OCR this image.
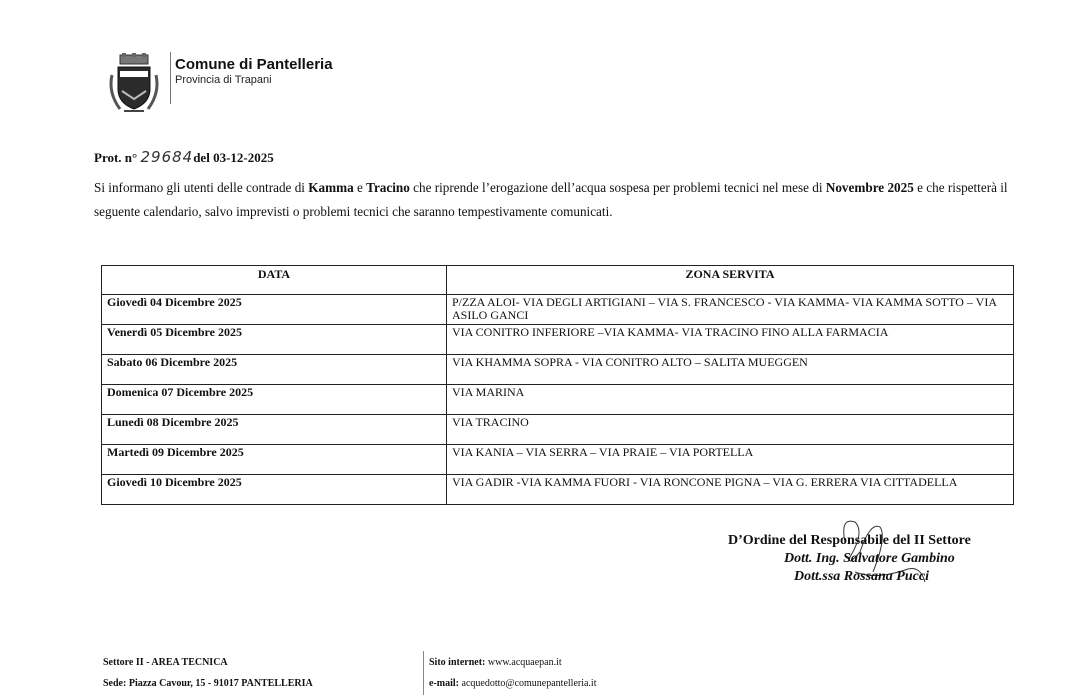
Comune di Pantelleria
Provincia di Trapani
Prot. n° 29684del 03-12-2025
Si informano gli utenti delle contrade di Kamma e Tracino che riprende l’erogazione dell’acqua sospesa per problemi tecnici nel mese di Novembre 2025 e che rispetterà il seguente calendario, salvo imprevisti o problemi tecnici che saranno tempestivamente comunicati.
DATA	ZONA SERVITA
Giovedì 04 Dicembre 2025	P/ZZA ALOI- VIA DEGLI ARTIGIANI – VIA S. FRANCESCO - VIA KAMMA- VIA KAMMA SOTTO – VIA ASILO GANCI
Venerdì 05 Dicembre 2025	VIA CONITRO INFERIORE –VIA KAMMA- VIA TRACINO FINO ALLA FARMACIA
Sabato 06 Dicembre 2025	VIA KHAMMA SOPRA - VIA CONITRO ALTO – SALITA MUEGGEN
Domenica 07 Dicembre 2025	VIA MARINA
Lunedì 08 Dicembre 2025	VIA TRACINO
Martedì 09 Dicembre 2025	VIA KANIA – VIA SERRA – VIA PRAIE – VIA PORTELLA
Giovedì 10 Dicembre 2025	VIA GADIR -VIA KAMMA FUORI - VIA RONCONE PIGNA – VIA G. ERRERA VIA CITTADELLA
D’Ordine del Responsabile del II Settore
Dott. Ing. Salvatore Gambino
Dott.ssa Rossana Pucci
Settore II - AREA TECNICA
Sede: Piazza Cavour, 15 - 91017 PANTELLERIA
Sito internet: www.acquaepan.it
e-mail: acquedotto@comunepantelleria.it
